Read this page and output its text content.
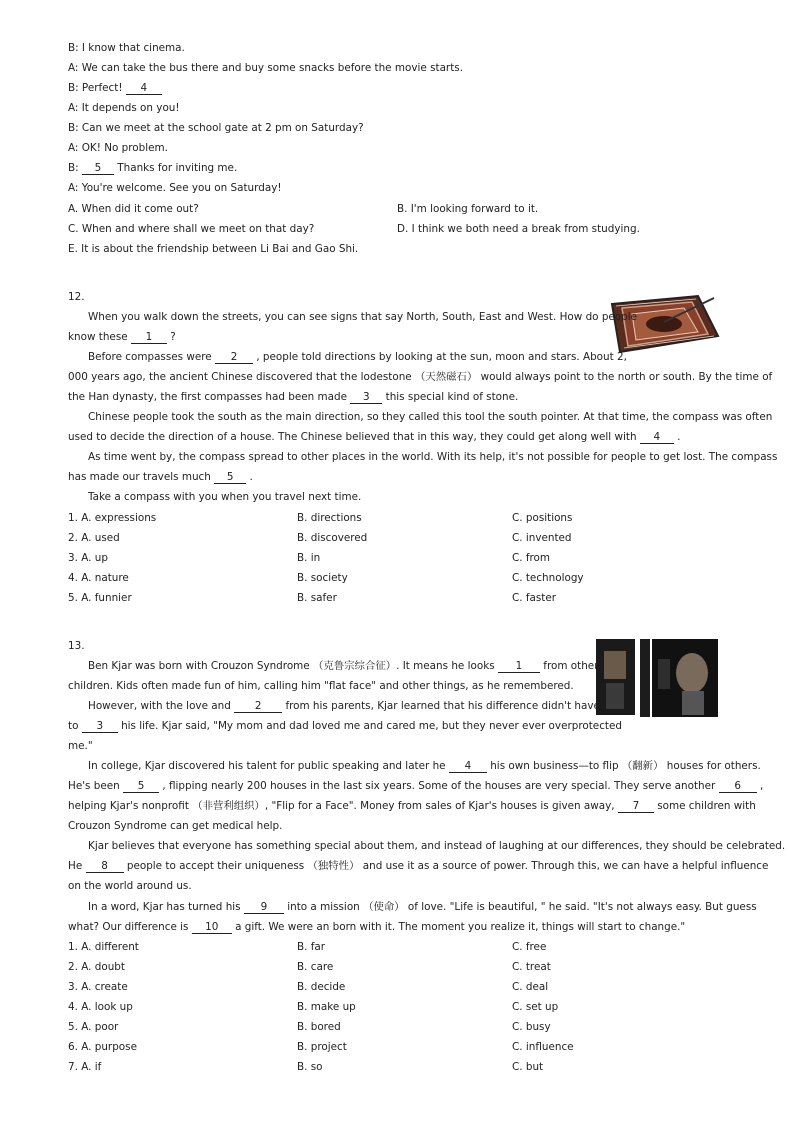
B: I know that cinema.
A: We can take the bus there and buy some snacks before the movie starts.
B: Perfect! 4
A: It depends on you!
B: Can we meet at the school gate at 2 pm on Saturday?
A: OK! No problem.
B: 5 Thanks for inviting me.
A: You're welcome. See you on Saturday!
A. When did it come out?	B. I'm looking forward to it.
C. When and where shall we meet on that day?	D. I think we both need a break from studying.
E. It is about the friendship between Li Bai and Gao Shi.
12.
When you walk down the streets, you can see signs that say North, South, East and West. How do people
know these 1 ?
Before compasses were 2 , people told directions by looking at the sun, moon and stars. About 2,
000 years ago, the ancient Chinese discovered that the lodestone （天然磁石） would always point to the north or south. By the time of
the Han dynasty, the first compasses had been made 3 this special kind of stone.
Chinese people took the south as the main direction, so they called this tool the south pointer. At that time, the compass was often
used to decide the direction of a house. The Chinese believed that in this way, they could get along well with 4 .
As time went by, the compass spread to other places in the world. With its help, it's not possible for people to get lost. The compass
has made our travels much 5 .
Take a compass with you when you travel next time.
1. A. expressions	B. directions	C. positions
2. A. used	B. discovered	C. invented
3. A. up	B. in	C. from
4. A. nature	B. society	C. technology
5. A. funnier	B. safer	C. faster
13.
Ben Kjar was born with Crouzon Syndrome （克鲁宗综合征）. It means he looks 1 from other
children. Kids often made fun of him, calling him "flat face" and other things, as he remembered.
However, with the love and 2 from his parents, Kjar learned that his difference didn't have
to 3 his life. Kjar said, "My mom and dad loved me and cared me, but they never ever overprotected
me."
In college, Kjar discovered his talent for public speaking and later he 4 his own business—to flip （翻新） houses for others.
He's been 5 , flipping nearly 200 houses in the last six years. Some of the houses are very special. They serve another 6 ,
helping Kjar's nonprofit （非营利组织）, "Flip for a Face". Money from sales of Kjar's houses is given away, 7 some children with
Crouzon Syndrome can get medical help.
Kjar believes that everyone has something special about them, and instead of laughing at our differences, they should be celebrated.
He 8 people to accept their uniqueness （独特性） and use it as a source of power. Through this, we can have a helpful influence
on the world around us.
In a word, Kjar has turned his 9 into a mission （使命） of love. "Life is beautiful, " he said. "It's not always easy. But guess
what? Our difference is 10 a gift. We were an born with it. The moment you realize it, things will start to change."
1. A. different	B. far	C. free
2. A. doubt	B. care	C. treat
3. A. create	B. decide	C. deal
4. A. look up	B. make up	C. set up
5. A. poor	B. bored	C. busy
6. A. purpose	B. project	C. influence
7. A. if	B. so	C. but
